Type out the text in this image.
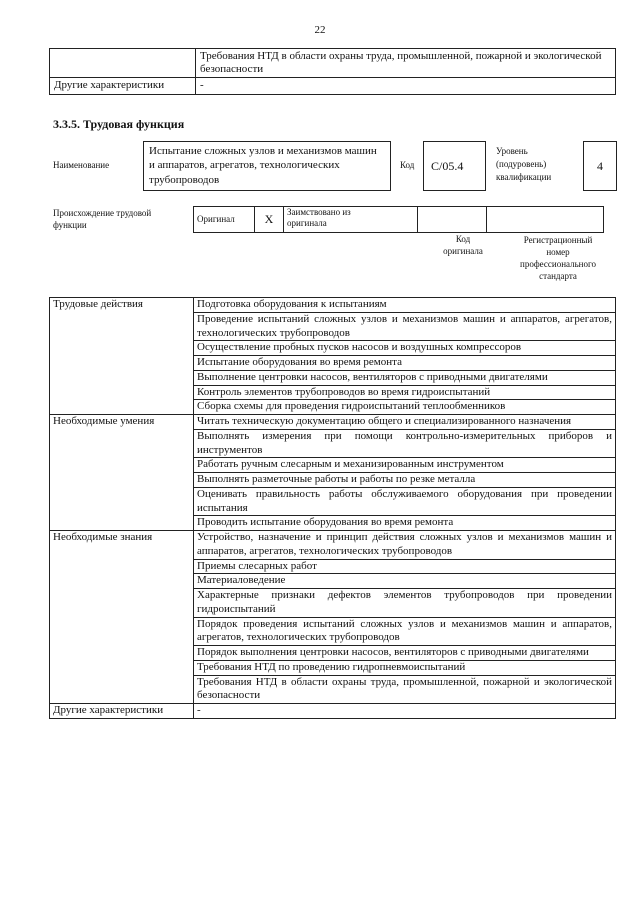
22
	Требования НТД в области охраны труда, промышленной, пожарной и экологической безопасности
Другие характеристики	-
3.3.5. Трудовая функция
Наименование
Испытание сложных узлов и механизмов машин и аппаратов, агрегатов, технологических трубопроводов
Код	C/05.4
Уровень
(подуровень)
квалификации
4
Происхождение трудовой
функции
Оригинал	X	
Заимствовано из
оригинала

Код
оригинала
Регистрационный
номер
профессионального
стандарта
Трудовые действия	Подготовка оборудования к испытаниям
	Проведение испытаний сложных узлов и механизмов машин и аппаратов, агрегатов, технологических трубопроводов
	Осуществление пробных пусков насосов и воздушных компрессоров
	Испытание оборудования во время ремонта
	Выполнение центровки насосов, вентиляторов с приводными двигателями
	Контроль элементов трубопроводов во время гидроиспытаний
	Сборка схемы для проведения гидроиспытаний теплообменников
Необходимые умения	Читать техническую документацию общего и специализированного назначения
	Выполнять измерения при помощи контрольно-измерительных приборов и инструментов
	Работать ручным слесарным и механизированным инструментом
	Выполнять разметочные работы и работы по резке металла
	Оценивать правильность работы обслуживаемого оборудования при проведении испытания
	Проводить испытание оборудования во время ремонта
Необходимые знания	Устройство, назначение и принцип действия сложных узлов и механизмов машин и аппаратов, агрегатов, технологических трубопроводов
	Приемы слесарных работ
	Материаловедение
	Характерные признаки дефектов элементов трубопроводов при проведении гидроиспытаний
	Порядок проведения испытаний сложных узлов и механизмов машин и аппаратов, агрегатов, технологических трубопроводов
	Порядок выполнения центровки насосов, вентиляторов с приводными двигателями
	Требования НТД по проведению гидропневмоиспытаний
	Требования НТД в области охраны труда, промышленной, пожарной и экологической безопасности
Другие характеристики	-
